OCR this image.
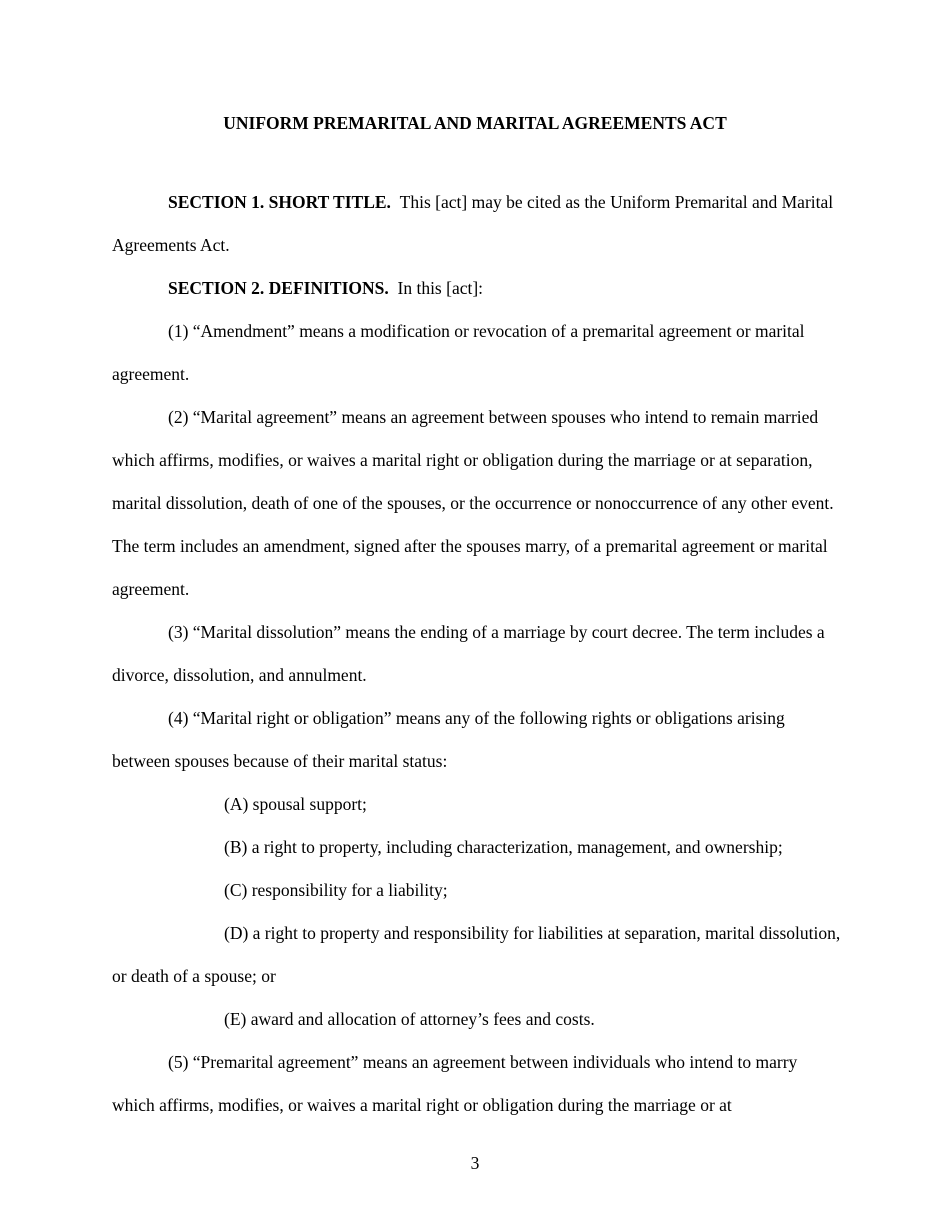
UNIFORM PREMARITAL AND MARITAL AGREEMENTS ACT

SECTION 1. SHORT TITLE. This [act] may be cited as the Uniform Premarital and Marital Agreements Act.

SECTION 2. DEFINITIONS. In this [act]:

(1) “Amendment” means a modification or revocation of a premarital agreement or marital agreement.

(2) “Marital agreement” means an agreement between spouses who intend to remain married which affirms, modifies, or waives a marital right or obligation during the marriage or at separation, marital dissolution, death of one of the spouses, or the occurrence or nonoccurrence of any other event. The term includes an amendment, signed after the spouses marry, of a premarital agreement or marital agreement.

(3) “Marital dissolution” means the ending of a marriage by court decree. The term includes a divorce, dissolution, and annulment.

(4) “Marital right or obligation” means any of the following rights or obligations arising between spouses because of their marital status:

(A) spousal support;

(B) a right to property, including characterization, management, and ownership;

(C) responsibility for a liability;

(D) a right to property and responsibility for liabilities at separation, marital dissolution, or death of a spouse; or

(E) award and allocation of attorney’s fees and costs.

(5) “Premarital agreement” means an agreement between individuals who intend to marry which affirms, modifies, or waives a marital right or obligation during the marriage or at

3
